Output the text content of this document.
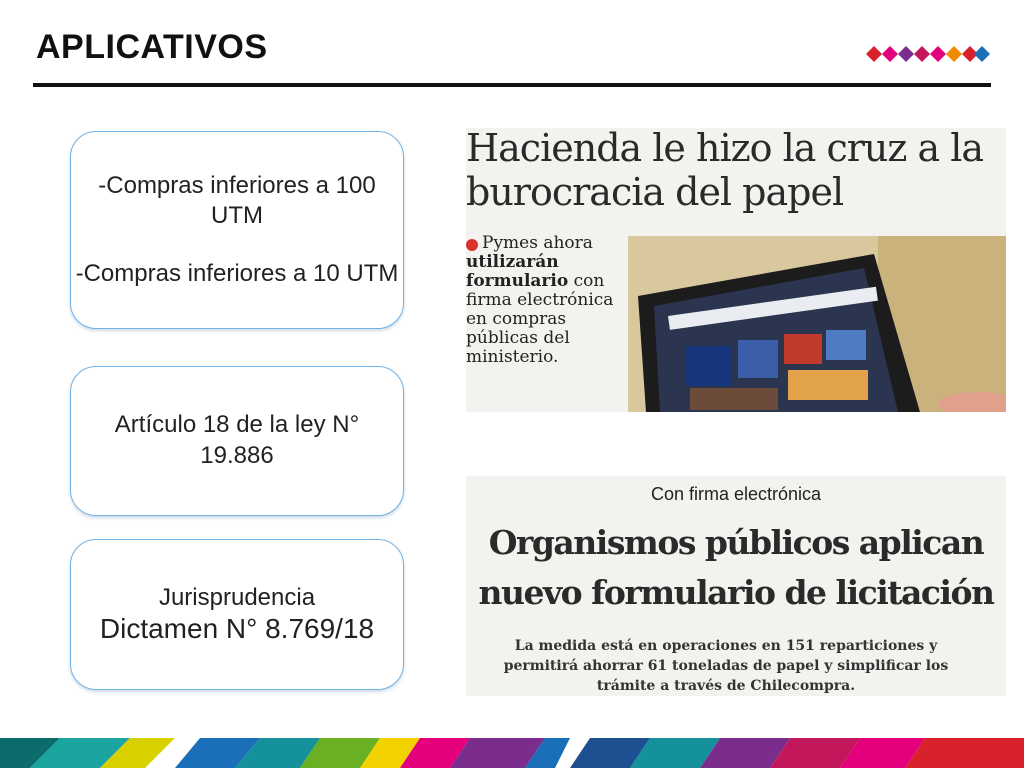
APLICATIVOS

-Compras inferiores a 100 UTM

-Compras inferiores a 10 UTM

Artículo 18 de la ley N° 19.886

Jurisprudencia
Dictamen N° 8.769/18
Hacienda le hizo la cruz a la burocracia del papel
Pymes ahora utilizarán formulario con firma electrónica en compras públicas del ministerio.
Con firma electrónica
Organismos públicos aplican nuevo formulario de licitación
La medida está en operaciones en 151 reparticiones y permitirá ahorrar 61 toneladas de papel y simplificar los trámite a través de Chilecompra.
